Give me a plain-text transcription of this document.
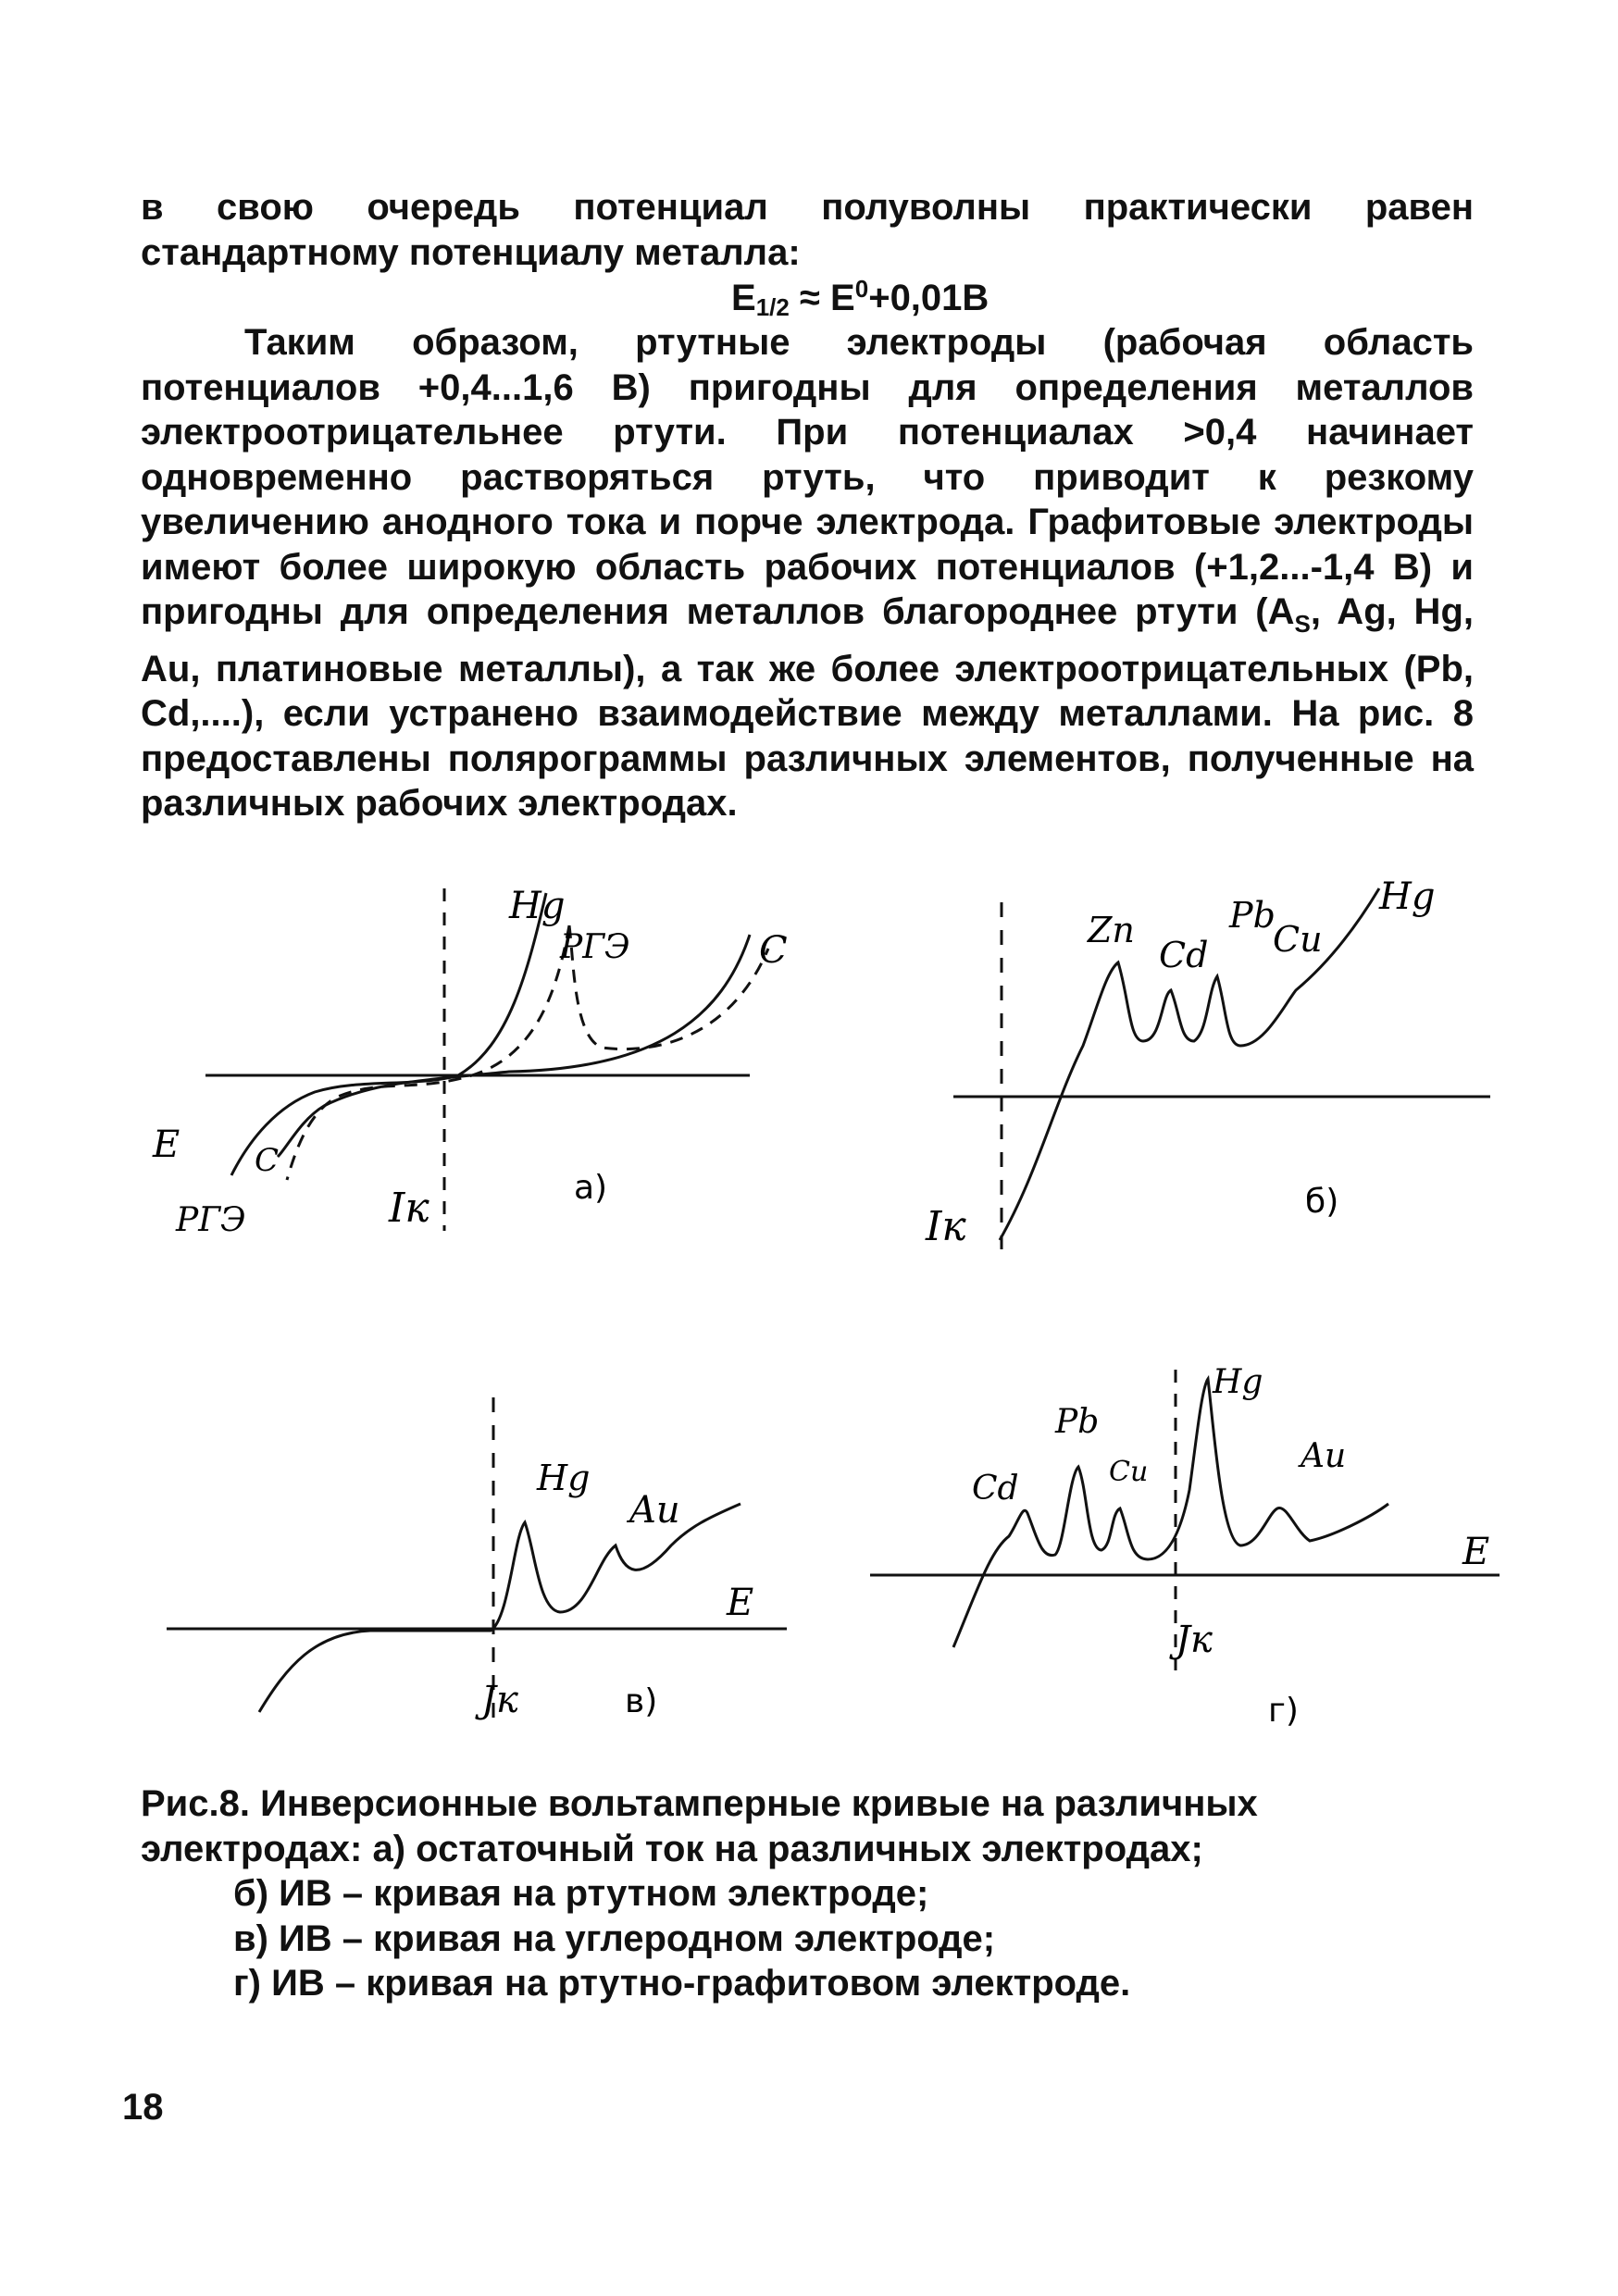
в свою очередь потенциал полуволны практически равен стандартному потенциалу металла:

$E_{1/2} \approx E^0+0,01В$

Таким образом, ртутные электроды (рабочая область потенциалов +0,4...1,6 В) пригодны для определения металлов электроотрицательнее ртути. При потенциалах >0,4 начинает одновременно растворяться ртуть, что приводит к резкому увеличению анодного тока и порче электрода. Графитовые электроды имеют более широкую область рабочих потенциалов (+1,2...-1,4 В) и пригодны для определения металлов благороднее ртути ($A_S$, Ag, Hg, Au, платиновые металлы), а так же более электроотрицательных (Pb, Cd,....), если устранено взаимодействие между металлами. На рис. 8 предоставлены полярограммы различных элементов, полученные на различных рабочих электродах.

Hg
РГЭ	C
E C
РГЭ	Iк	а)
Zn
Cd
Pb
Cu
Hg
Iк
б)
Hg
Au
E
Jк	в)
Cd
Pb
Cu
Hg
Au
E
Jк
г)
Рис.8. Инверсионные вольтамперные кривые на различных электродах: а) остаточный ток на различных электродах;
б) ИВ – кривая на ртутном электроде;
в) ИВ – кривая на углеродном электроде;
г) ИВ – кривая на ртутно-графитовом электроде.
18
